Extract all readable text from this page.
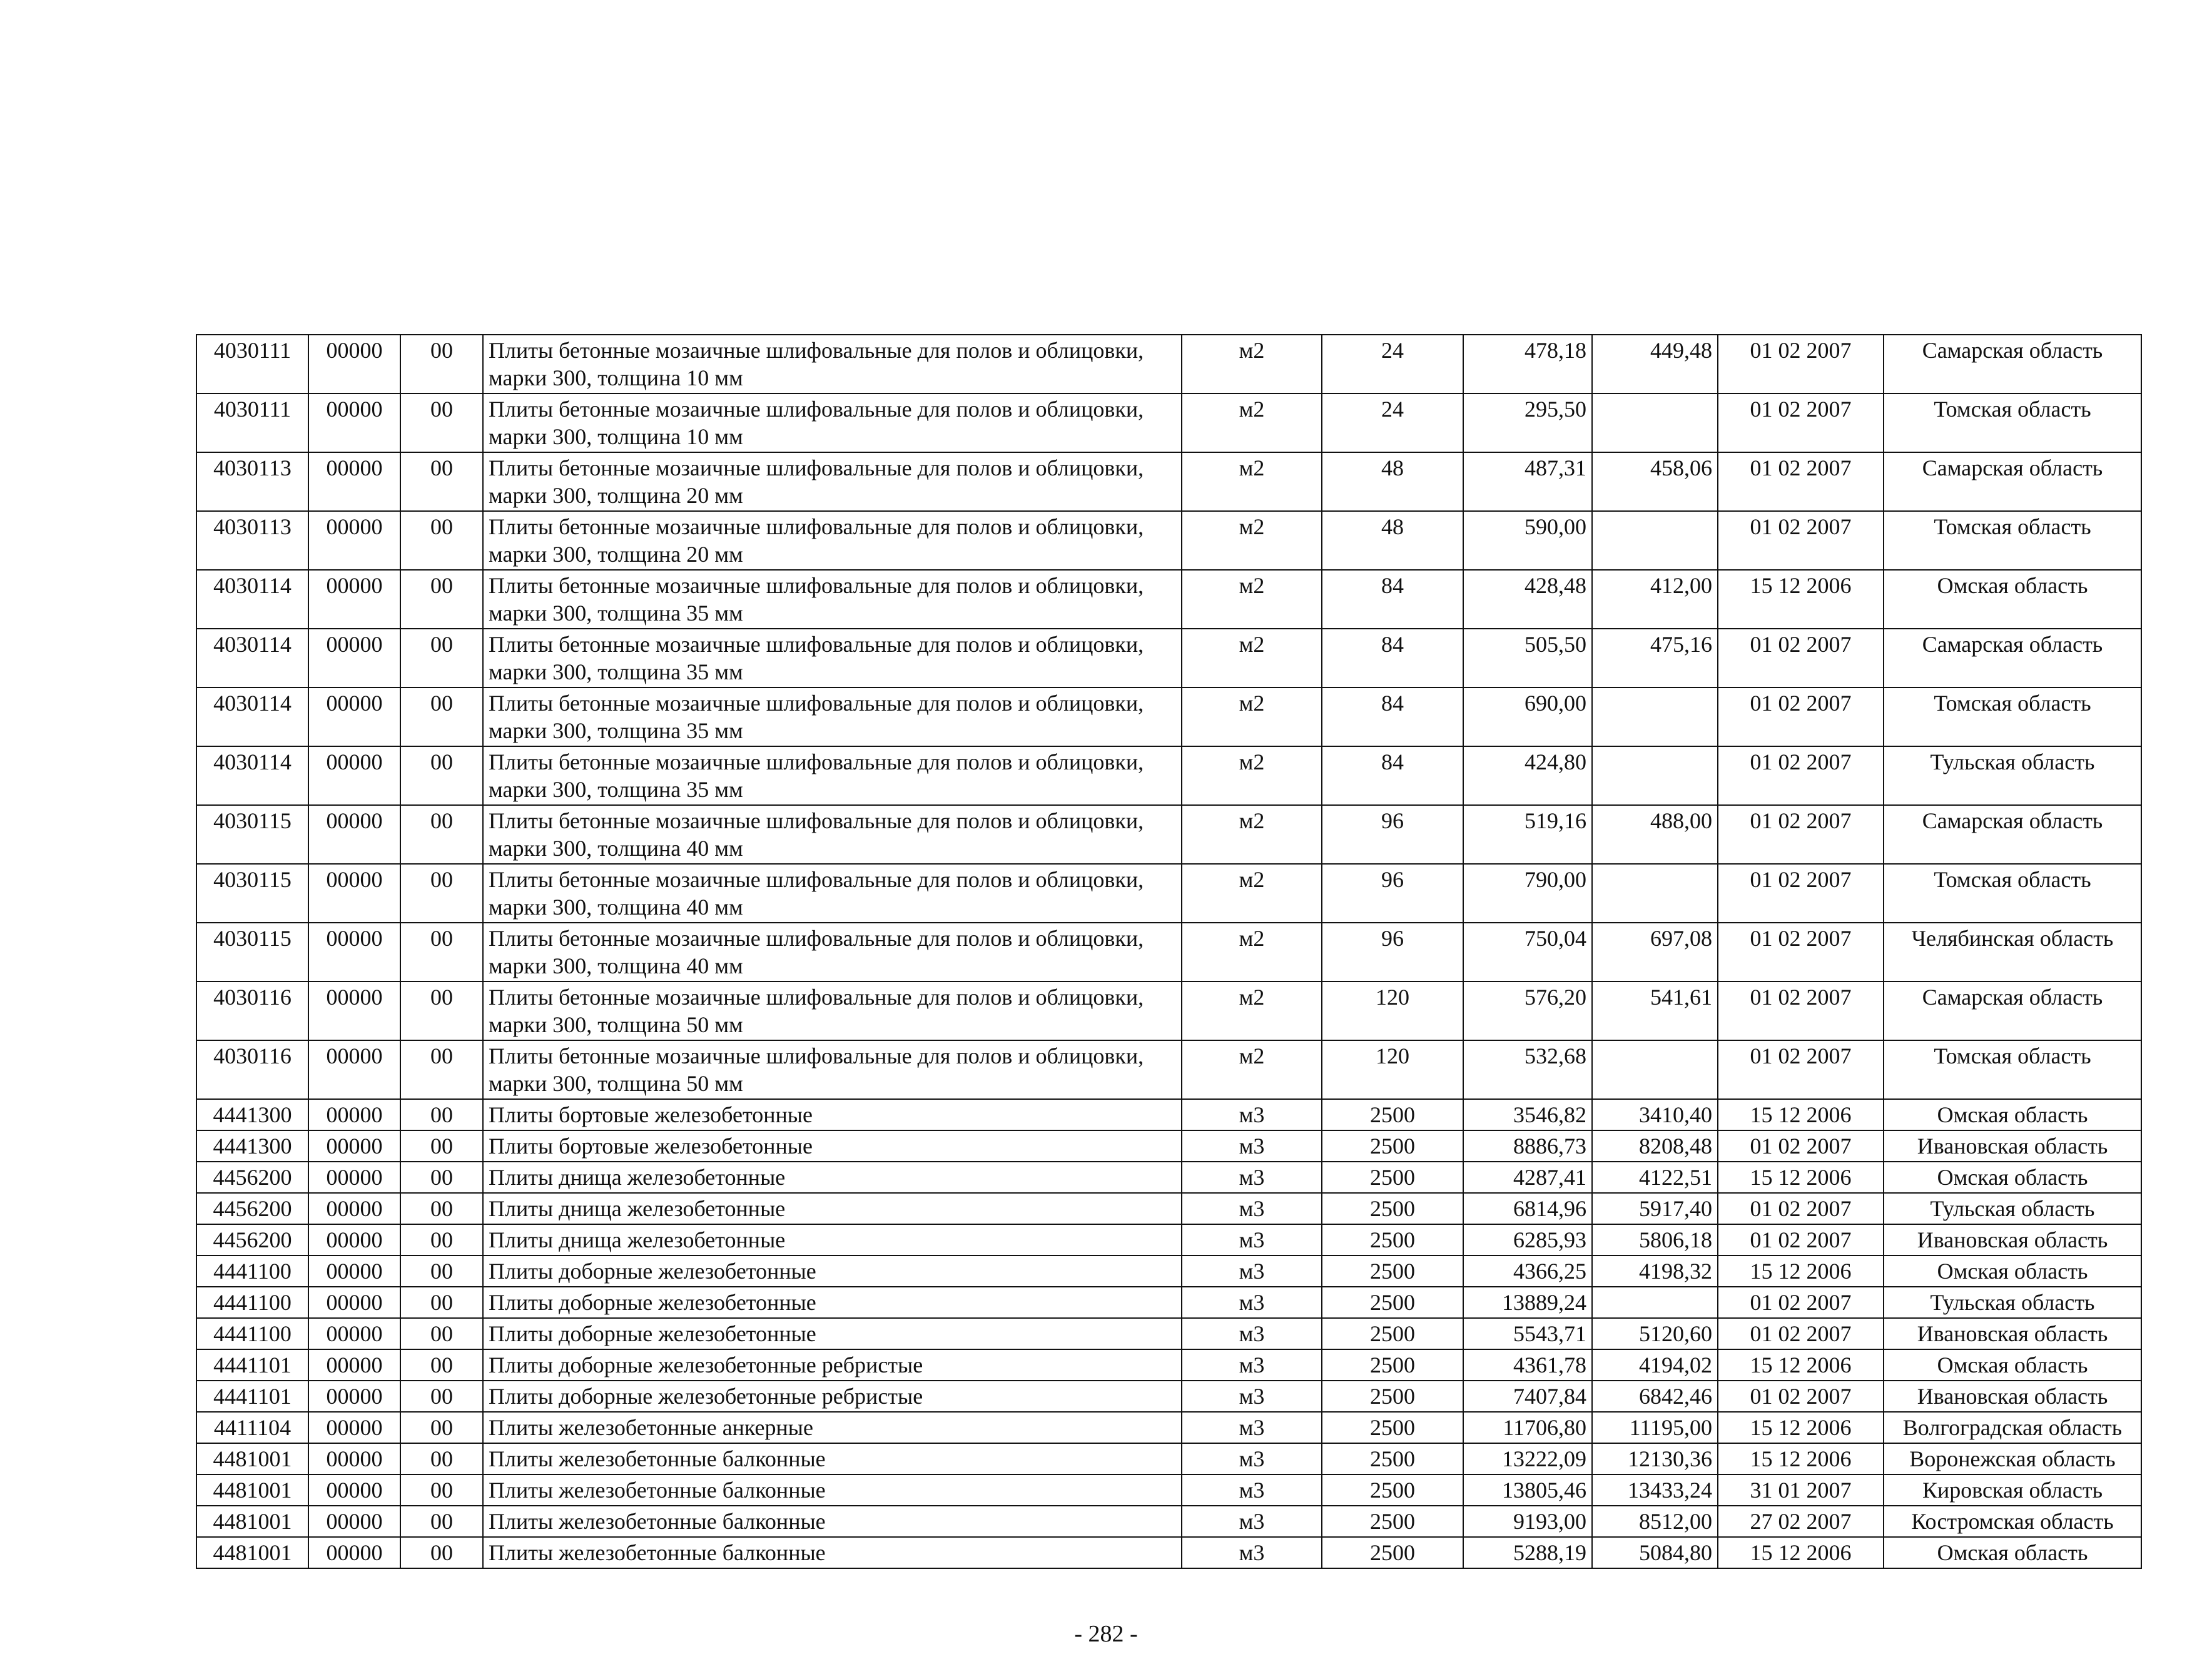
4030111	00000	00	Плиты бетонные мозаичные шлифовальные для полов и облицовки, марки 300, толщина 10 мм	м2	24	478,18	449,48	01 02 2007	Самарская область
4030111	00000	00	Плиты бетонные мозаичные шлифовальные для полов и облицовки, марки 300, толщина 10 мм	м2	24	295,50		01 02 2007	Томская область
4030113	00000	00	Плиты бетонные мозаичные шлифовальные для полов и облицовки, марки 300, толщина 20 мм	м2	48	487,31	458,06	01 02 2007	Самарская область
4030113	00000	00	Плиты бетонные мозаичные шлифовальные для полов и облицовки, марки 300, толщина 20 мм	м2	48	590,00		01 02 2007	Томская область
4030114	00000	00	Плиты бетонные мозаичные шлифовальные для полов и облицовки, марки 300, толщина 35 мм	м2	84	428,48	412,00	15 12 2006	Омская область
4030114	00000	00	Плиты бетонные мозаичные шлифовальные для полов и облицовки, марки 300, толщина 35 мм	м2	84	505,50	475,16	01 02 2007	Самарская область
4030114	00000	00	Плиты бетонные мозаичные шлифовальные для полов и облицовки, марки 300, толщина 35 мм	м2	84	690,00		01 02 2007	Томская область
4030114	00000	00	Плиты бетонные мозаичные шлифовальные для полов и облицовки, марки 300, толщина 35 мм	м2	84	424,80		01 02 2007	Тульская область
4030115	00000	00	Плиты бетонные мозаичные шлифовальные для полов и облицовки, марки 300, толщина 40 мм	м2	96	519,16	488,00	01 02 2007	Самарская область
4030115	00000	00	Плиты бетонные мозаичные шлифовальные для полов и облицовки, марки 300, толщина 40 мм	м2	96	790,00		01 02 2007	Томская область
4030115	00000	00	Плиты бетонные мозаичные шлифовальные для полов и облицовки, марки 300, толщина 40 мм	м2	96	750,04	697,08	01 02 2007	Челябинская область
4030116	00000	00	Плиты бетонные мозаичные шлифовальные для полов и облицовки, марки 300, толщина 50 мм	м2	120	576,20	541,61	01 02 2007	Самарская область
4030116	00000	00	Плиты бетонные мозаичные шлифовальные для полов и облицовки, марки 300, толщина 50 мм	м2	120	532,68		01 02 2007	Томская область
4441300	00000	00	Плиты бортовые железобетонные	м3	2500	3546,82	3410,40	15 12 2006	Омская область
4441300	00000	00	Плиты бортовые железобетонные	м3	2500	8886,73	8208,48	01 02 2007	Ивановская область
4456200	00000	00	Плиты днища железобетонные	м3	2500	4287,41	4122,51	15 12 2006	Омская область
4456200	00000	00	Плиты днища железобетонные	м3	2500	6814,96	5917,40	01 02 2007	Тульская область
4456200	00000	00	Плиты днища железобетонные	м3	2500	6285,93	5806,18	01 02 2007	Ивановская область
4441100	00000	00	Плиты доборные железобетонные	м3	2500	4366,25	4198,32	15 12 2006	Омская область
4441100	00000	00	Плиты доборные железобетонные	м3	2500	13889,24		01 02 2007	Тульская область
4441100	00000	00	Плиты доборные железобетонные	м3	2500	5543,71	5120,60	01 02 2007	Ивановская область
4441101	00000	00	Плиты доборные железобетонные ребристые	м3	2500	4361,78	4194,02	15 12 2006	Омская область
4441101	00000	00	Плиты доборные железобетонные ребристые	м3	2500	7407,84	6842,46	01 02 2007	Ивановская область
4411104	00000	00	Плиты железобетонные анкерные	м3	2500	11706,80	11195,00	15 12 2006	Волгоградская область
4481001	00000	00	Плиты железобетонные балконные	м3	2500	13222,09	12130,36	15 12 2006	Воронежская область
4481001	00000	00	Плиты железобетонные балконные	м3	2500	13805,46	13433,24	31 01 2007	Кировская область
4481001	00000	00	Плиты железобетонные балконные	м3	2500	9193,00	8512,00	27 02 2007	Костромская область
4481001	00000	00	Плиты железобетонные балконные	м3	2500	5288,19	5084,80	15 12 2006	Омская область
- 282 -
